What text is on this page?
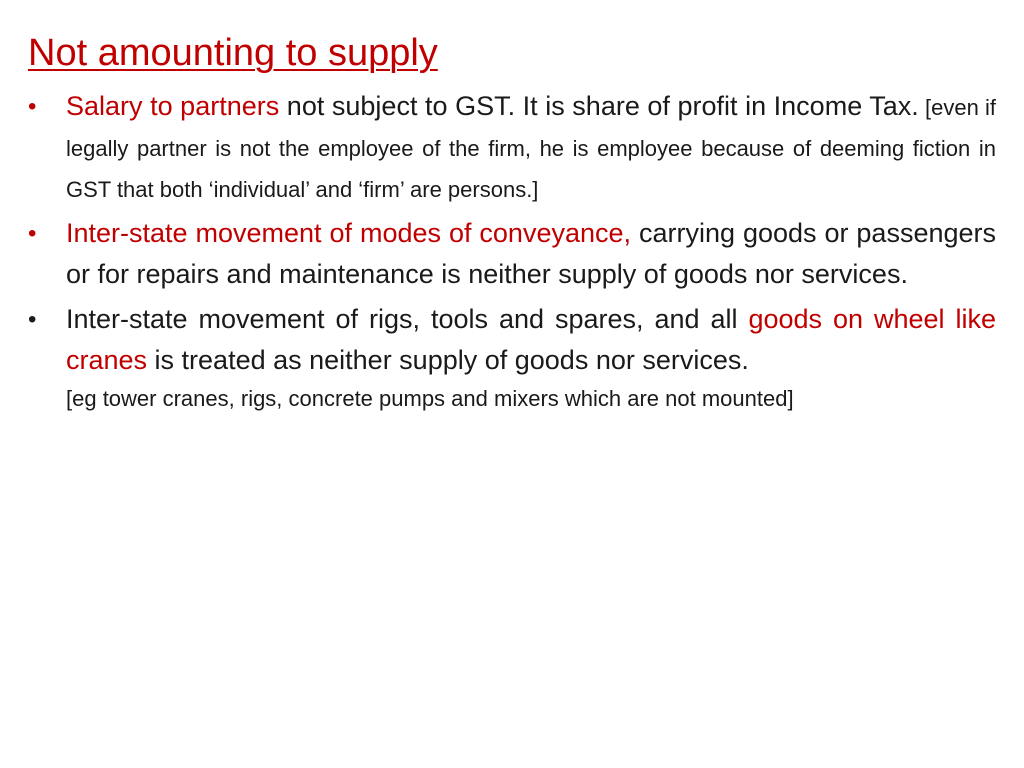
Not amounting to supply
• Salary to partners not subject to GST. It is share of profit in Income Tax. [even if legally partner is not the employee of the firm, he is employee because of deeming fiction in GST that both ‘individual’ and ‘firm’ are persons.]
• Inter-state movement of modes of conveyance, carrying goods or passengers or for repairs and maintenance is neither supply of goods nor services.
• Inter-state movement of rigs, tools and spares, and all goods on wheel like cranes is treated as neither supply of goods nor services.
[eg tower cranes, rigs, concrete pumps and mixers which are not mounted]
